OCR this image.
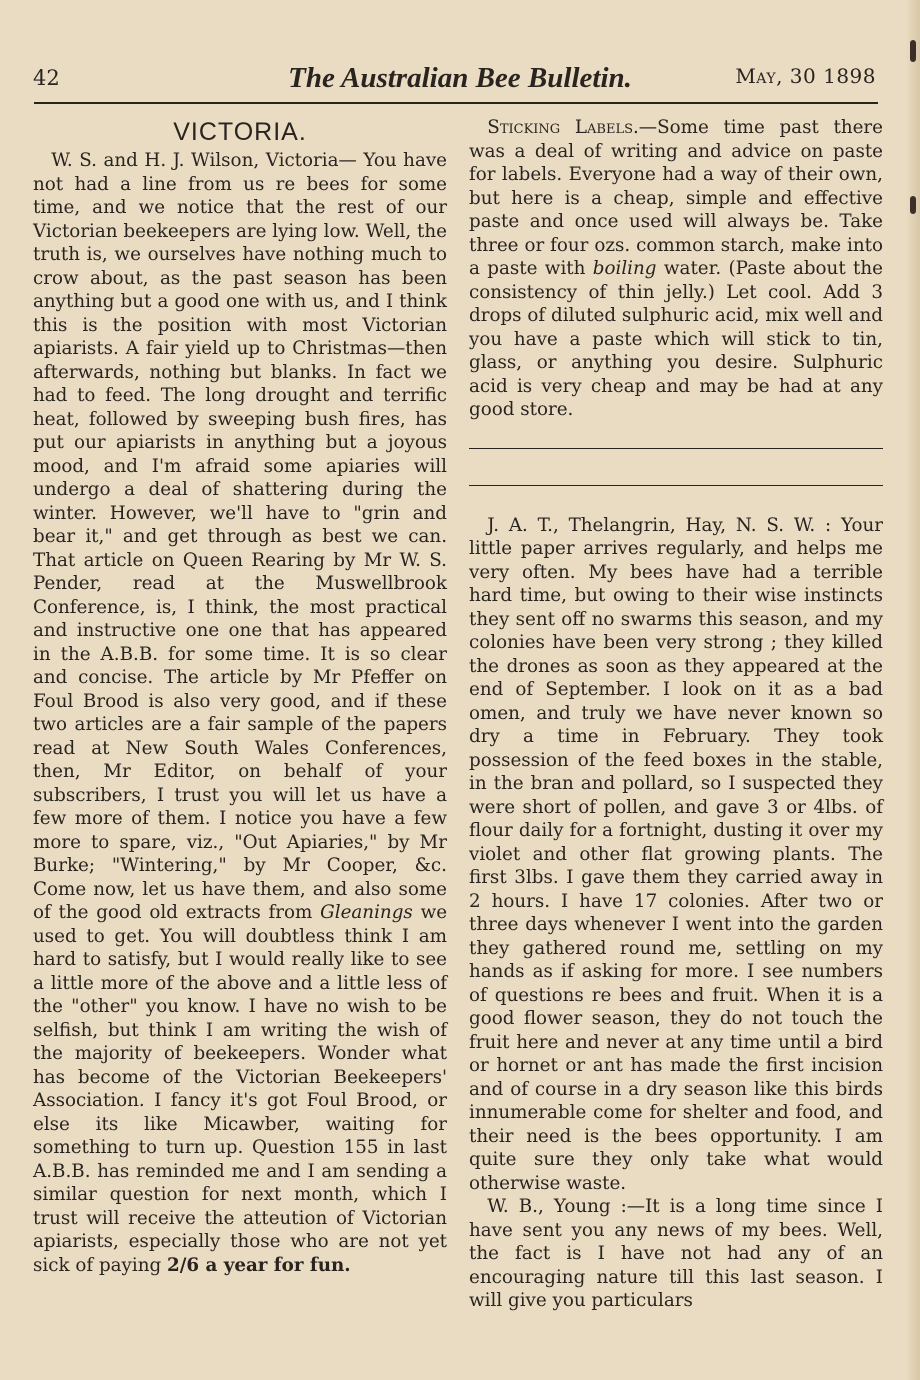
42	The Australian Bee Bulletin.	May, 30 1898
VICTORIA.

W. S. and H. J. Wilson, Victoria— You have not had a line from us re bees for some time, and we notice that the rest of our Victorian beekeepers are lying low. Well, the truth is, we ourselves have nothing much to crow about, as the past season has been anything but a good one with us, and I think this is the position with most Victorian apiarists. A fair yield up to Christmas—then afterwards, nothing but blanks. In fact we had to feed. The long drought and terrific heat, followed by sweeping bush fires, has put our apiarists in anything but a joyous mood, and I'm afraid some apiaries will undergo a deal of shattering during the winter. However, we'll have to "grin and bear it," and get through as best we can. That article on Queen Rearing by Mr W. S. Pender, read at the Muswellbrook Conference, is, I think, the most practical and instructive one one that has appeared in the A.B.B. for some time. It is so clear and concise. The article by Mr Pfeffer on Foul Brood is also very good, and if these two articles are a fair sample of the papers read at New South Wales Conferences, then, Mr Editor, on behalf of your subscribers, I trust you will let us have a few more of them. I notice you have a few more to spare, viz., "Out Apiaries," by Mr Burke; "Wintering," by Mr Cooper, &c. Come now, let us have them, and also some of the good old extracts from Gleanings we used to get. You will doubtless think I am hard to satisfy, but I would really like to see a little more of the above and a little less of the "other" you know. I have no wish to be selfish, but think I am writing the wish of the majority of beekeepers. Wonder what has become of the Victorian Beekeepers' Association. I fancy it's got Foul Brood, or else its like Micawber, waiting for something to turn up. Question 155 in last A.B.B. has reminded me and I am sending a similar question for next month, which I trust will receive the atteution of Victorian apiarists, especially those who are not yet sick of paying 2/6 a year for fun.

Sticking Labels.—Some time past there was a deal of writing and advice on paste for labels. Everyone had a way of their own, but here is a cheap, simple and effective paste and once used will always be. Take three or four ozs. common starch, make into a paste with boiling water. (Paste about the consistency of thin jelly.) Let cool. Add 3 drops of diluted sulphuric acid, mix well and you have a paste which will stick to tin, glass, or anything you desire. Sulphuric acid is very cheap and may be had at any good store.

J. A. T., Thelangrin, Hay, N. S. W. : Your little paper arrives regularly, and helps me very often. My bees have had a terrible hard time, but owing to their wise instincts they sent off no swarms this season, and my colonies have been very strong ; they killed the drones as soon as they appeared at the end of September. I look on it as a bad omen, and truly we have never known so dry a time in February. They took possession of the feed boxes in the stable, in the bran and pollard, so I suspected they were short of pollen, and gave 3 or 4lbs. of flour daily for a fortnight, dusting it over my violet and other flat growing plants. The first 3lbs. I gave them they carried away in 2 hours. I have 17 colonies. After two or three days whenever I went into the garden they gathered round me, settling on my hands as if asking for more. I see numbers of questions re bees and fruit. When it is a good flower season, they do not touch the fruit here and never at any time until a bird or hornet or ant has made the first incision and of course in a dry season like this birds innumerable come for shelter and food, and their need is the bees opportunity. I am quite sure they only take what would otherwise waste.

W. B., Young :—It is a long time since I have sent you any news of my bees. Well, the fact is I have not had any of an encouraging nature till this last season. I will give you particulars
